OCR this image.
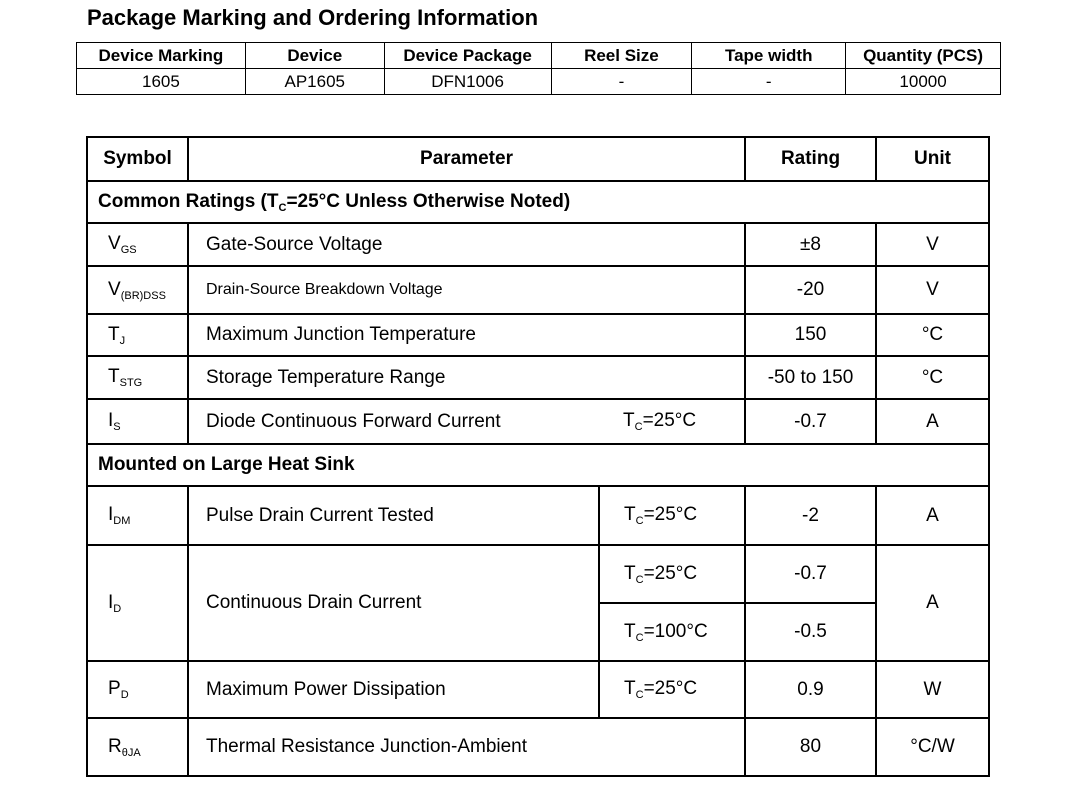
Package Marking and Ordering Information
Device Marking	Device	Device Package	Reel Size	Tape width	Quantity (PCS)
1605	AP1605	DFN1006	-	-	10000
Symbol	Parameter		Rating	Unit
Common Ratings ($T_C=25^\circ C$ Unless Otherwise Noted)				
$V_{GS}$	Gate-Source Voltage		±8	V
$V_{(BR)DSS}$	Drain-Source Breakdown Voltage		-20	V
$T_J$	Maximum Junction Temperature		150	°C
$T_{STG}$	Storage Temperature Range		-50 to 150	°C
$I_S$	Diode Continuous Forward Current	$T_C=25^\circ C$	-0.7	A
Mounted on Large Heat Sink				
$I_{DM}$	Pulse Drain Current Tested	$T_C=25^\circ C$	-2	A
$I_D$	Continuous Drain Current	$T_C=25^\circ C$	-0.7	A
		$T_C=100^\circ C$	-0.5	
$P_D$	Maximum Power Dissipation	$T_C=25^\circ C$	0.9	W
$R_{\theta JA}$	Thermal Resistance Junction-Ambient		80	°C/W
